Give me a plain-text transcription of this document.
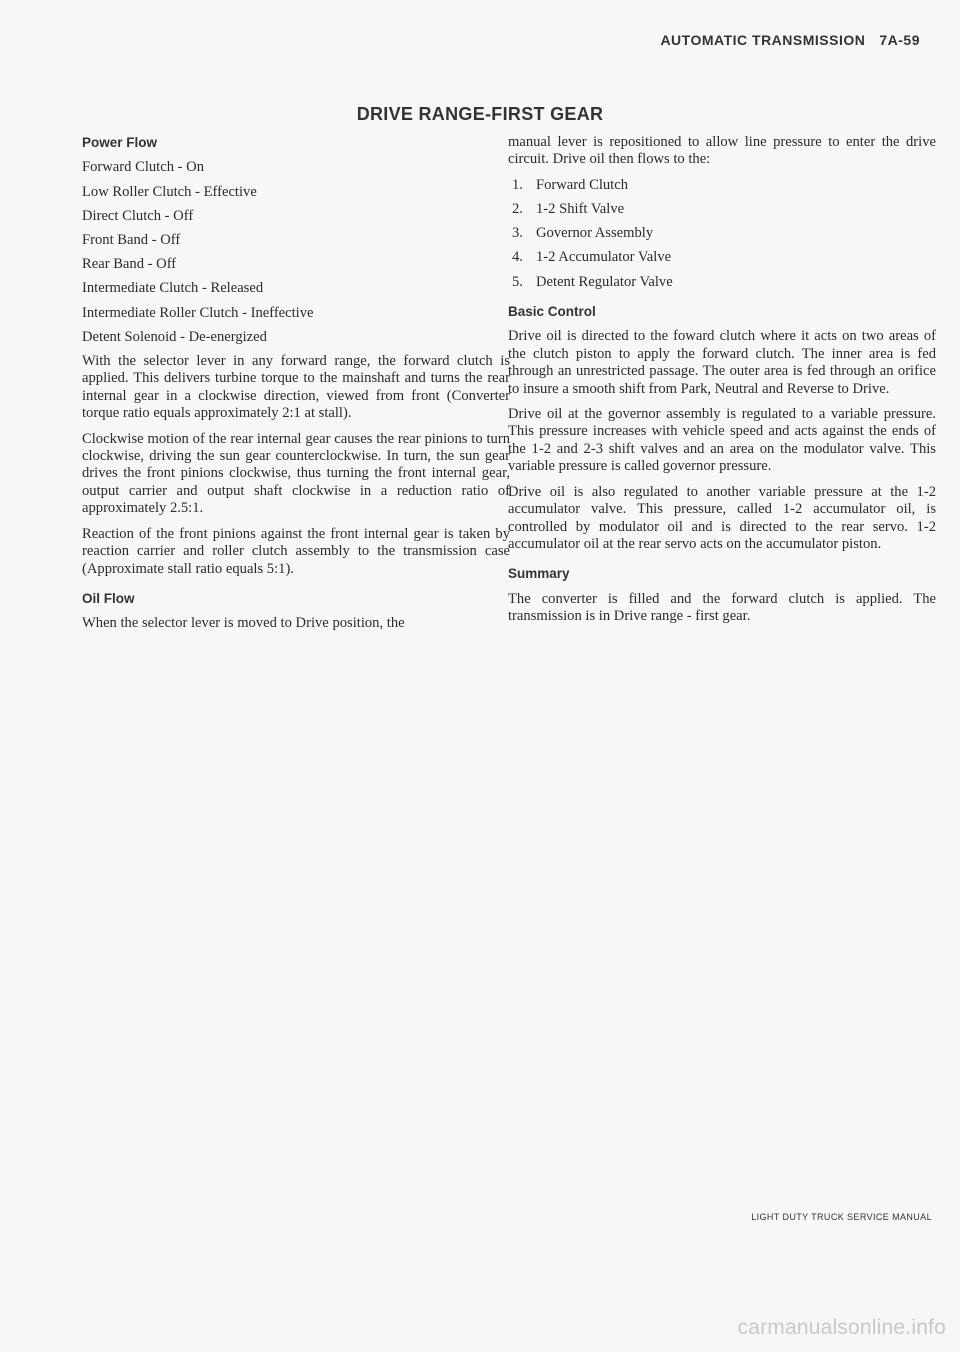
AUTOMATIC TRANSMISSION 7A-59
DRIVE RANGE-FIRST GEAR
Power Flow
Forward Clutch - On
Low Roller Clutch - Effective
Direct Clutch - Off
Front Band - Off
Rear Band - Off
Intermediate Clutch - Released
Intermediate Roller Clutch - Ineffective
Detent Solenoid - De-energized

With the selector lever in any forward range, the forward clutch is applied. This delivers turbine torque to the mainshaft and turns the rear internal gear in a clockwise direction, viewed from front (Converter torque ratio equals approximately 2:1 at stall).

Clockwise motion of the rear internal gear causes the rear pinions to turn clockwise, driving the sun gear counterclockwise. In turn, the sun gear drives the front pinions clockwise, thus turning the front internal gear, output carrier and output shaft clockwise in a reduction ratio of approximately 2.5:1.

Reaction of the front pinions against the front internal gear is taken by reaction carrier and roller clutch assembly to the transmission case (Approximate stall ratio equals 5:1).

Oil Flow

When the selector lever is moved to Drive position, the

manual lever is repositioned to allow line pressure to enter the drive circuit. Drive oil then flows to the:

1. Forward Clutch
2. 1-2 Shift Valve
3. Governor Assembly
4. 1-2 Accumulator Valve
5. Detent Regulator Valve
Basic Control

Drive oil is directed to the foward clutch where it acts on two areas of the clutch piston to apply the forward clutch. The inner area is fed through an unrestricted passage. The outer area is fed through an orifice to insure a smooth shift from Park, Neutral and Reverse to Drive.

Drive oil at the governor assembly is regulated to a variable pressure. This pressure increases with vehicle speed and acts against the ends of the 1-2 and 2-3 shift valves and an area on the modulator valve. This variable pressure is called governor pressure.

Drive oil is also regulated to another variable pressure at the 1-2 accumulator valve. This pressure, called 1-2 accumulator oil, is controlled by modulator oil and is directed to the rear servo. 1-2 accumulator oil at the rear servo acts on the accumulator piston.

Summary

The converter is filled and the forward clutch is applied. The transmission is in Drive range - first gear.

LIGHT DUTY TRUCK SERVICE MANUAL
carmanualsonline.info
